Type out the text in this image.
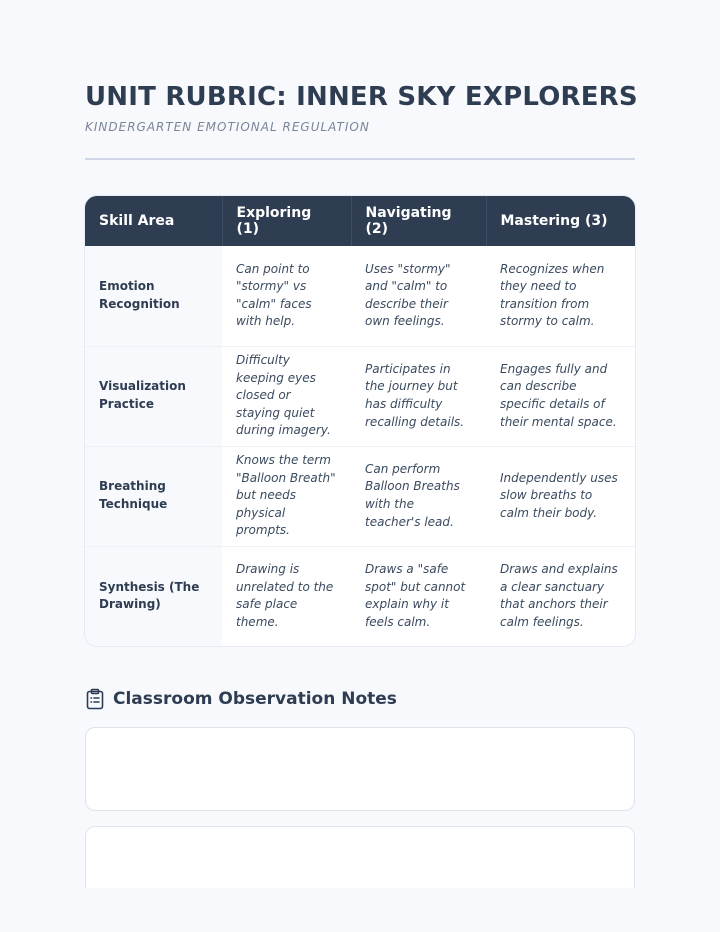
UNIT RUBRIC: INNER SKY EXPLORERS

KINDERGARTEN EMOTIONAL REGULATION

Skill Area	Exploring (1)	Navigating (2)	Mastering (3)
Emotion Recognition	Can point to "stormy" vs "calm" faces with help.	Uses "stormy" and "calm" to describe their own feelings.	Recognizes when they need to transition from stormy to calm.
Visualization Practice	Difficulty keeping eyes closed or staying quiet during imagery.	Participates in the journey but has difficulty recalling details.	Engages fully and can describe specific details of their mental space.
Breathing Technique	Knows the term "Balloon Breath" but needs physical prompts.	Can perform Balloon Breaths with the teacher's lead.	Independently uses slow breaths to calm their body.
Synthesis (The Drawing)	Drawing is unrelated to the safe place theme.	Draws a "safe spot" but cannot explain why it feels calm.	Draws and explains a clear sanctuary that anchors their calm feelings.
Classroom Observation Notes
